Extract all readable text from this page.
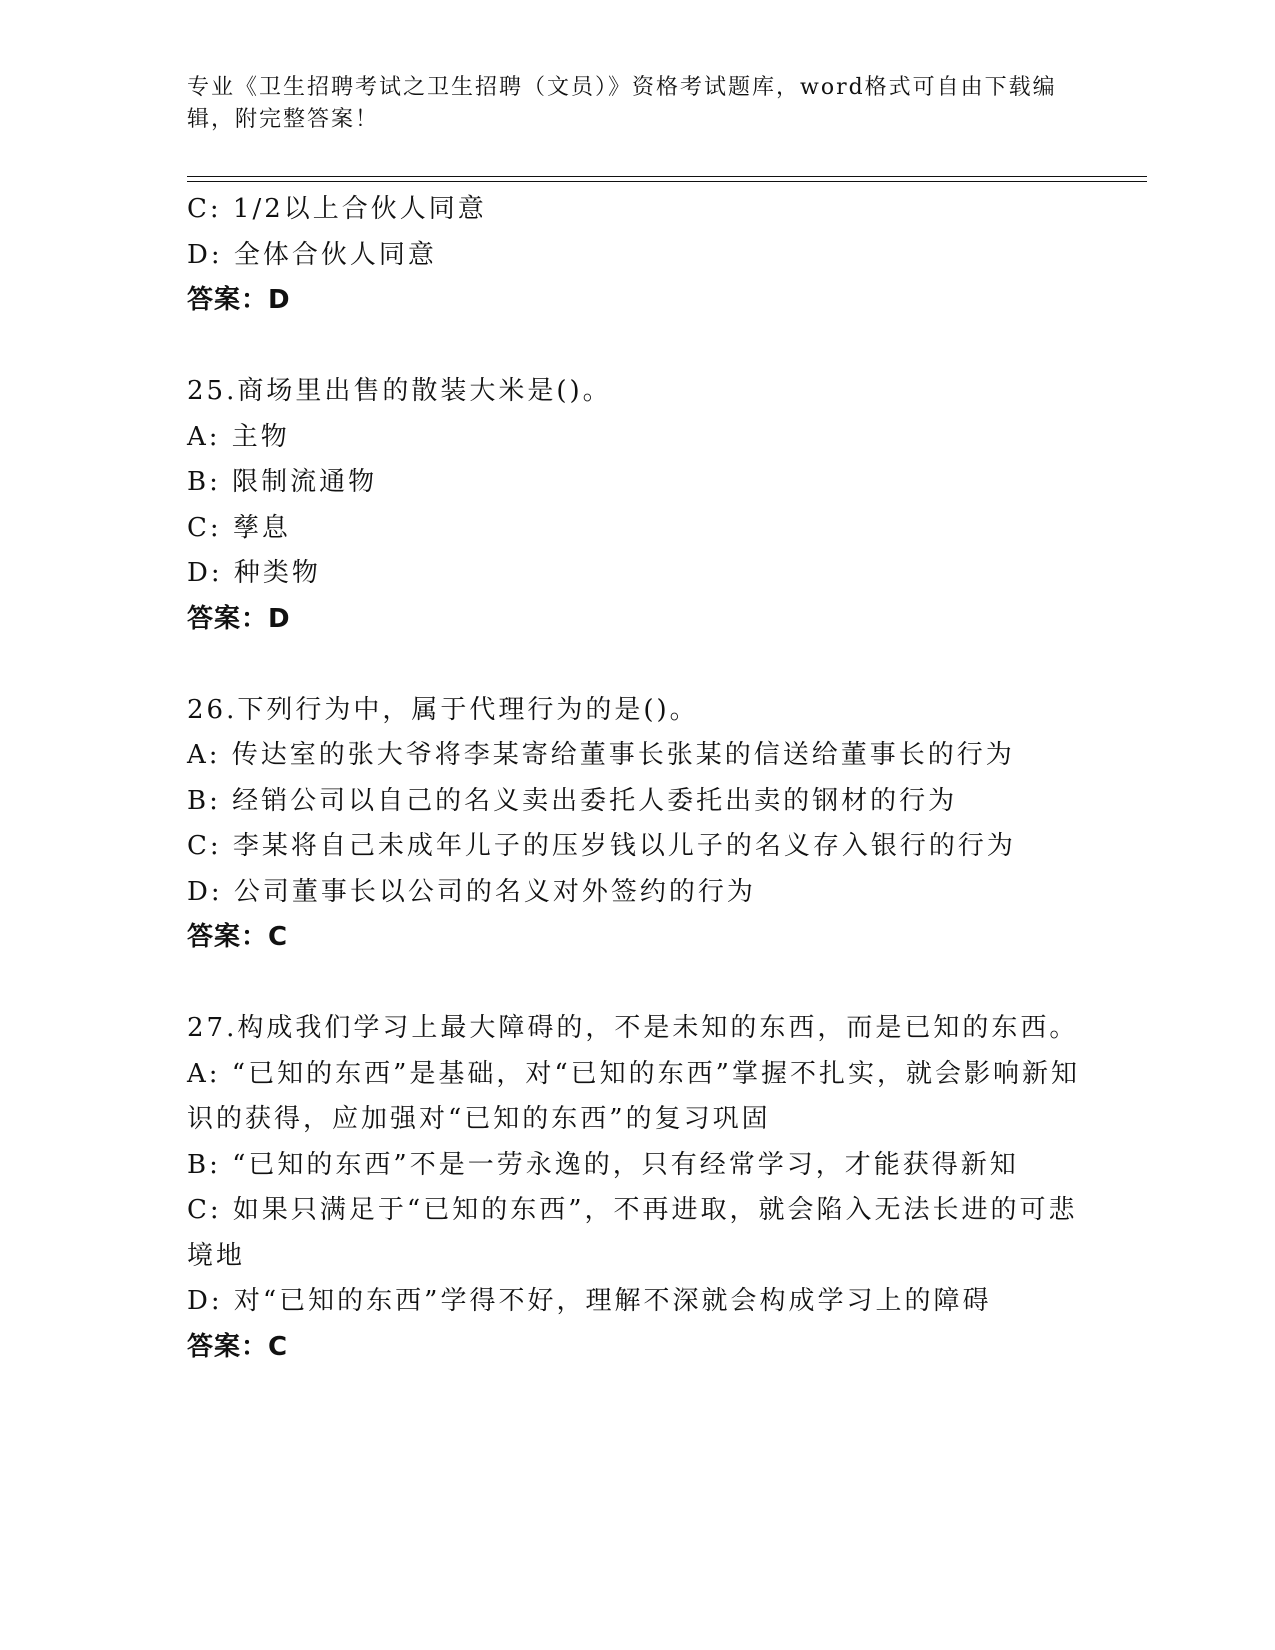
专业《卫生招聘考试之卫生招聘（文员）》资格考试题库，word格式可自由下载编辑，附完整答案！
C: 1/2以上合伙人同意
D: 全体合伙人同意
答案：D
25.商场里出售的散装大米是()。
A: 主物
B: 限制流通物
C: 孳息
D: 种类物
答案：D
26.下列行为中，属于代理行为的是()。
A: 传达室的张大爷将李某寄给董事长张某的信送给董事长的行为
B: 经销公司以自己的名义卖出委托人委托出卖的钢材的行为
C: 李某将自己未成年儿子的压岁钱以儿子的名义存入银行的行为
D: 公司董事长以公司的名义对外签约的行为
答案：C
27.构成我们学习上最大障碍的，不是未知的东西，而是已知的东西。
A: “已知的东西”是基础，对“已知的东西”掌握不扎实，就会影响新知识的获得，应加强对“已知的东西”的复习巩固
B: “已知的东西”不是一劳永逸的，只有经常学习，才能获得新知
C: 如果只满足于“已知的东西”，不再进取，就会陷入无法长进的可悲境地
D: 对“已知的东西”学得不好，理解不深就会构成学习上的障碍
答案：C
